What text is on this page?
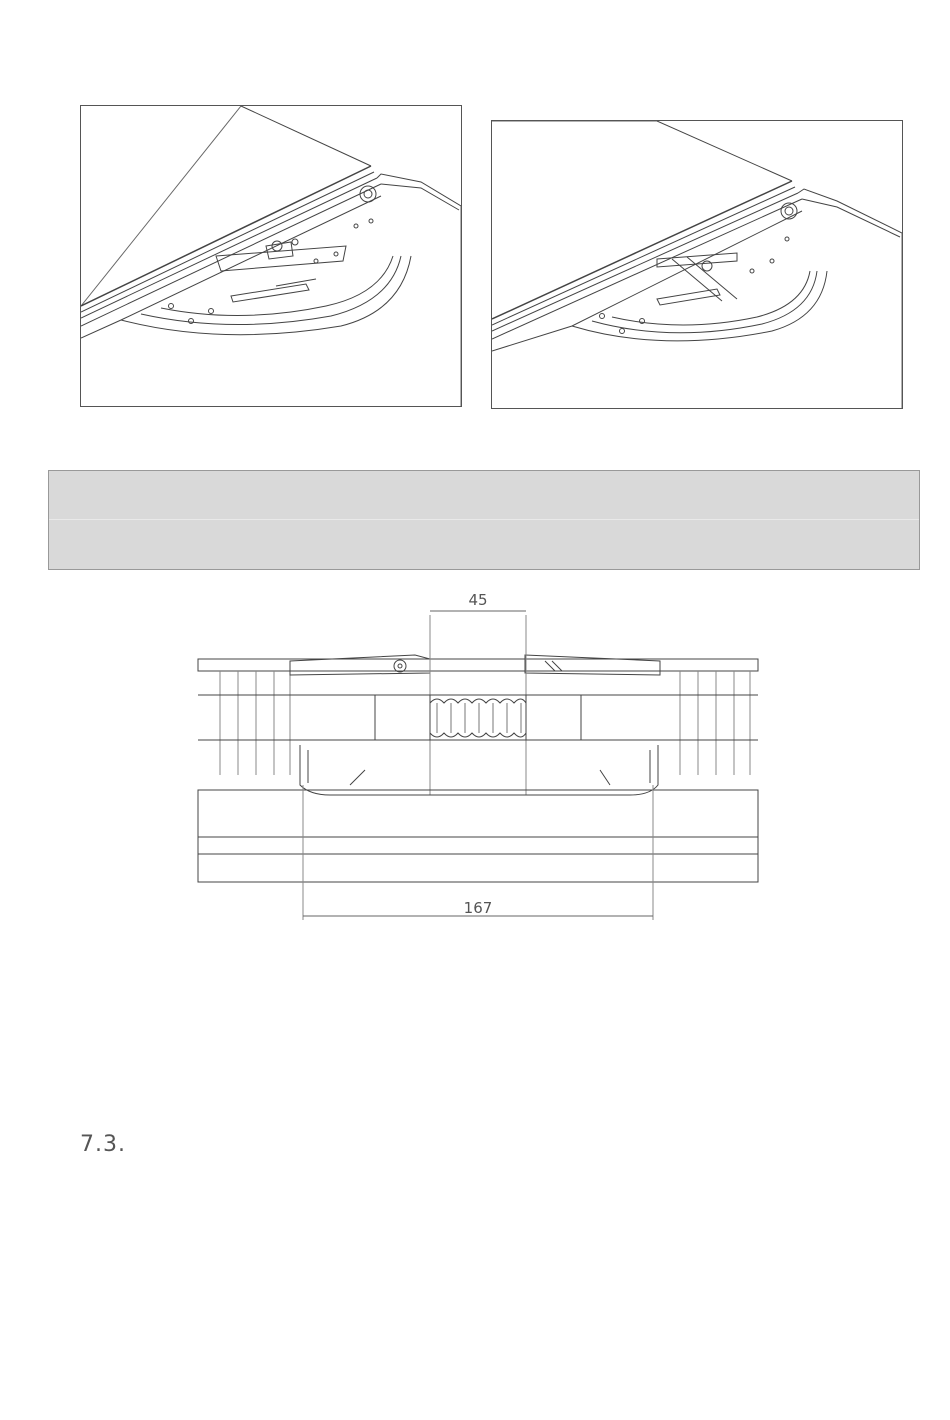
45
167
7.3.
